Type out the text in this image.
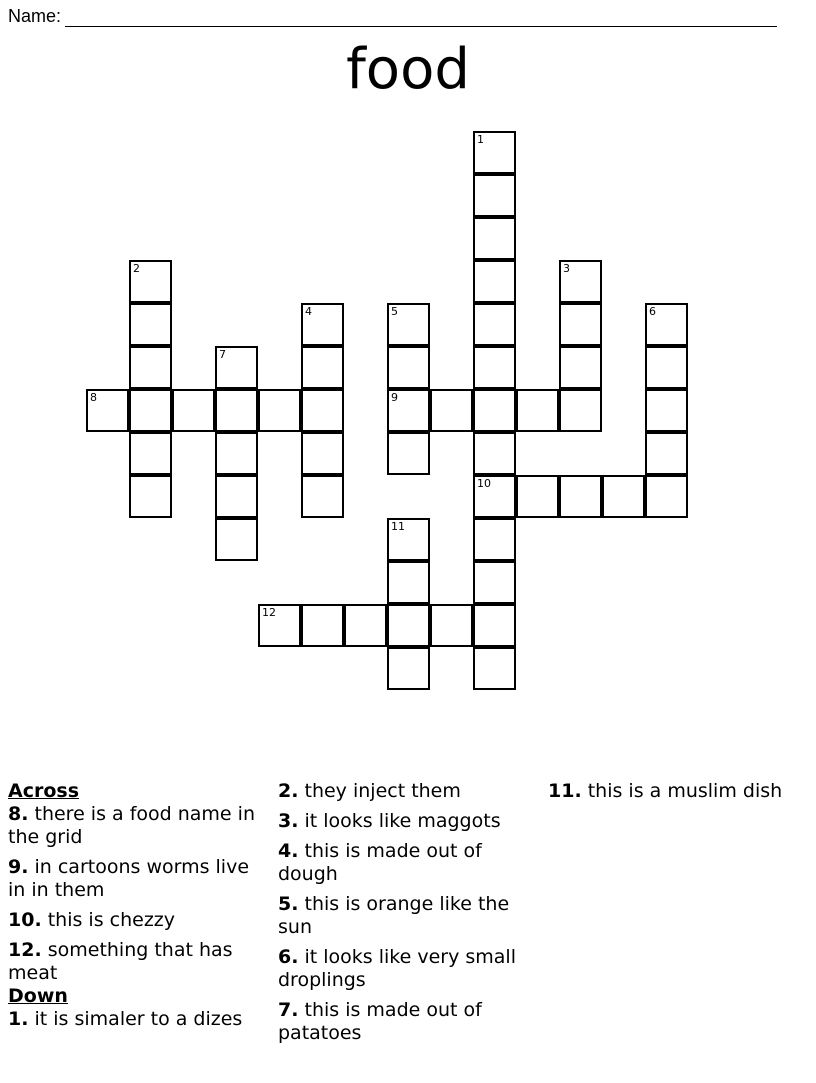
Name:
food
1
2	3
4	5	6
7
8	9
10
11
12

Across

8. there is a food name in the grid

9. in cartoons worms live in in them

10. this is chezzy

12. something that has meat

Down

1. it is simaler to a dizes

2. they inject them

3. it looks like maggots

4. this is made out of dough

5. this is orange like the sun

6. it looks like very small droplings

7. this is made out of patatoes

11. this is a muslim dish
